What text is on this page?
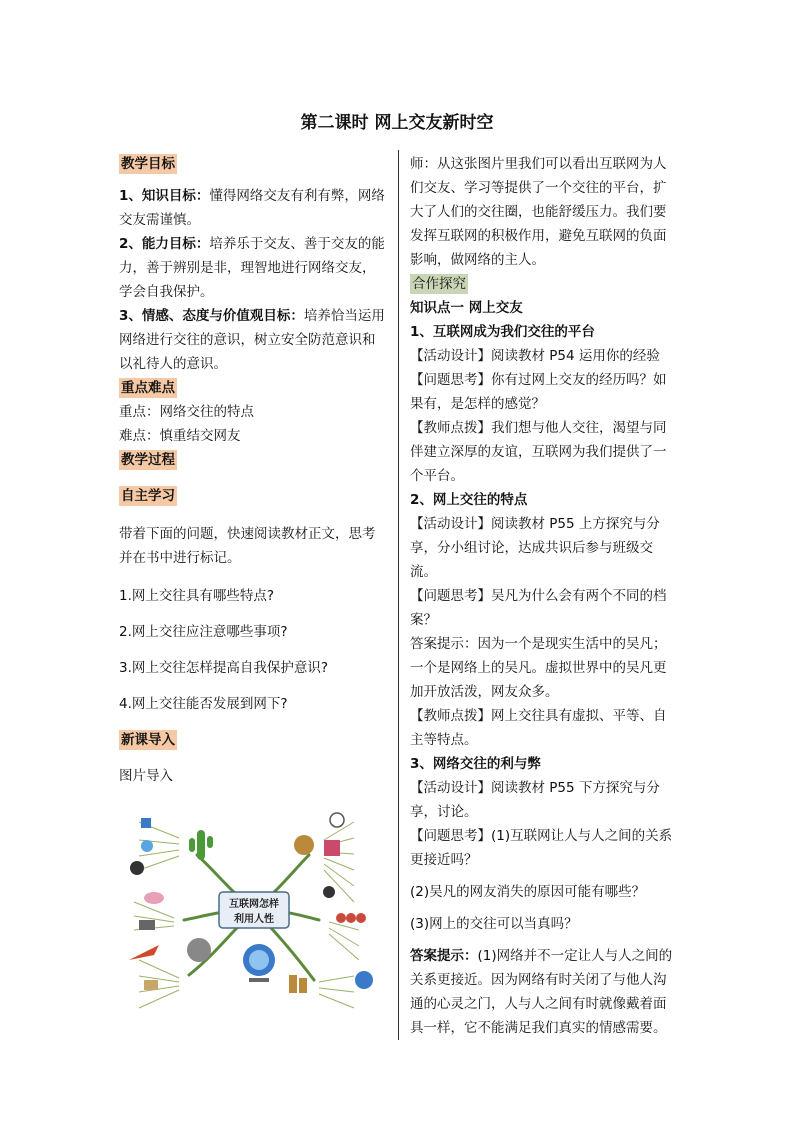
第二课时 网上交友新时空

教学目标

1、知识目标：懂得网络交友有利有弊，网络交友需谨慎。

2、能力目标：培养乐于交友、善于交友的能力，善于辨别是非，理智地进行网络交友，学会自我保护。

3、情感、态度与价值观目标：培养恰当运用网络进行交往的意识，树立安全防范意识和以礼待人的意识。

重点难点

重点：网络交往的特点

难点：慎重结交网友

教学过程

自主学习

带着下面的问题，快速阅读教材正文，思考并在书中进行标记。

1.网上交往具有哪些特点?

2.网上交往应注意哪些事项?

3.网上交往怎样提高自我保护意识?

4.网上交往能否发展到网下?

新课导入

图片导入

互联网怎样
利用人性

师：从这张图片里我们可以看出互联网为人们交友、学习等提供了一个交往的平台，扩大了人们的交往圈，也能舒缓压力。我们要发挥互联网的积极作用，避免互联网的负面影响，做网络的主人。

合作探究

知识点一 网上交友

1、互联网成为我们交往的平台

【活动设计】阅读教材 P54 运用你的经验

【问题思考】你有过网上交友的经历吗？如果有，是怎样的感觉？

【教师点拨】我们想与他人交往，渴望与同伴建立深厚的友谊，互联网为我们提供了一个平台。

2、网上交往的特点

【活动设计】阅读教材 P55 上方探究与分享，分小组讨论，达成共识后参与班级交流。

【问题思考】吴凡为什么会有两个不同的档案？

答案提示：因为一个是现实生活中的吴凡；一个是网络上的吴凡。虚拟世界中的吴凡更加开放活泼，网友众多。

【教师点拨】网上交往具有虚拟、平等、自主等特点。

3、网络交往的利与弊

【活动设计】阅读教材 P55 下方探究与分享，讨论。

【问题思考】(1)互联网让人与人之间的关系更接近吗？

(2)吴凡的网友消失的原因可能有哪些？

(3)网上的交往可以当真吗？

答案提示：(1)网络并不一定让人与人之间的关系更接近。因为网络有时关闭了与他人沟通的心灵之门，人与人之间有时就像戴着面具一样，它不能满足我们真实的情感需要。
